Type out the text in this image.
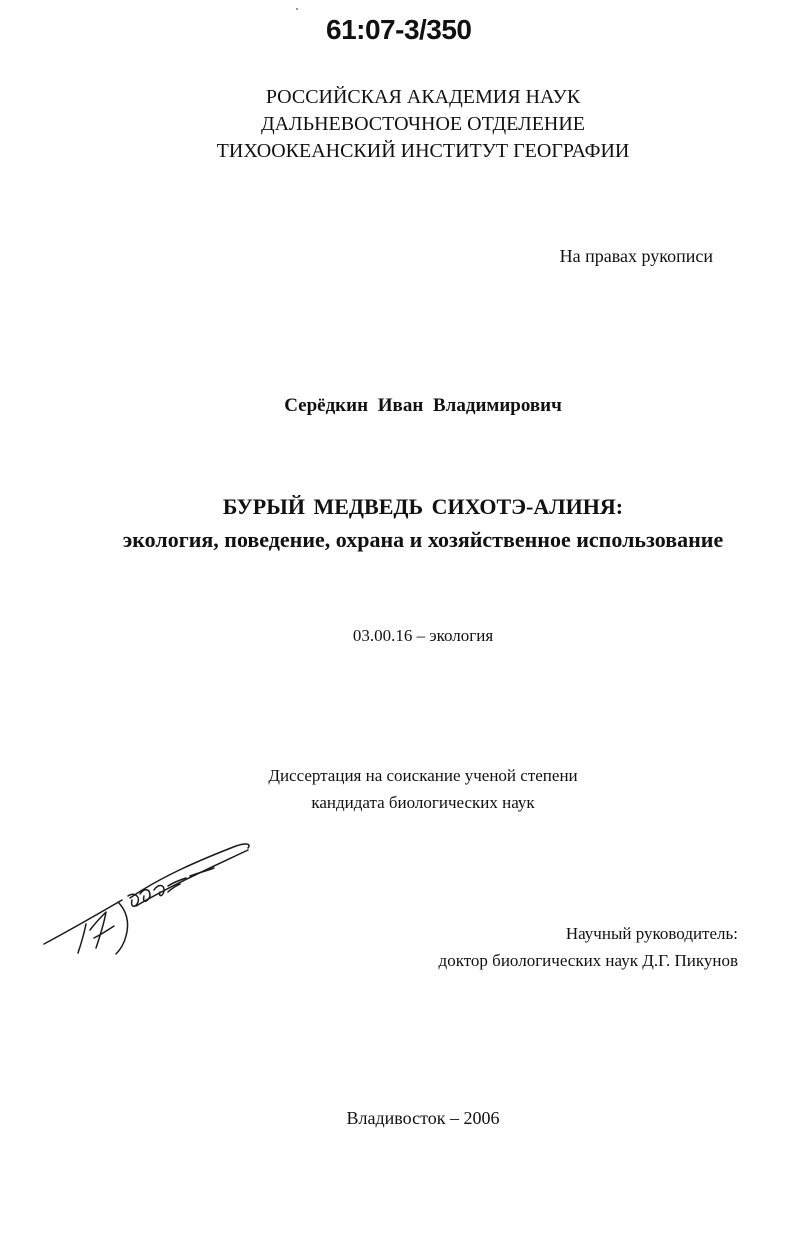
61:07-3/350
РОССИЙСКАЯ АКАДЕМИЯ НАУК
ДАЛЬНЕВОСТОЧНОЕ ОТДЕЛЕНИЕ
ТИХООКЕАНСКИЙ ИНСТИТУТ ГЕОГРАФИИ
На правах рукописи
Серёдкин Иван Владимирович
БУРЫЙ МЕДВЕДЬ СИХОТЭ-АЛИНЯ:
экология, поведение, охрана и хозяйственное использование
03.00.16 – экология
Диссертация на соискание ученой степени
кандидата биологических наук
Научный руководитель:
доктор биологических наук Д.Г. Пикунов
Владивосток – 2006
